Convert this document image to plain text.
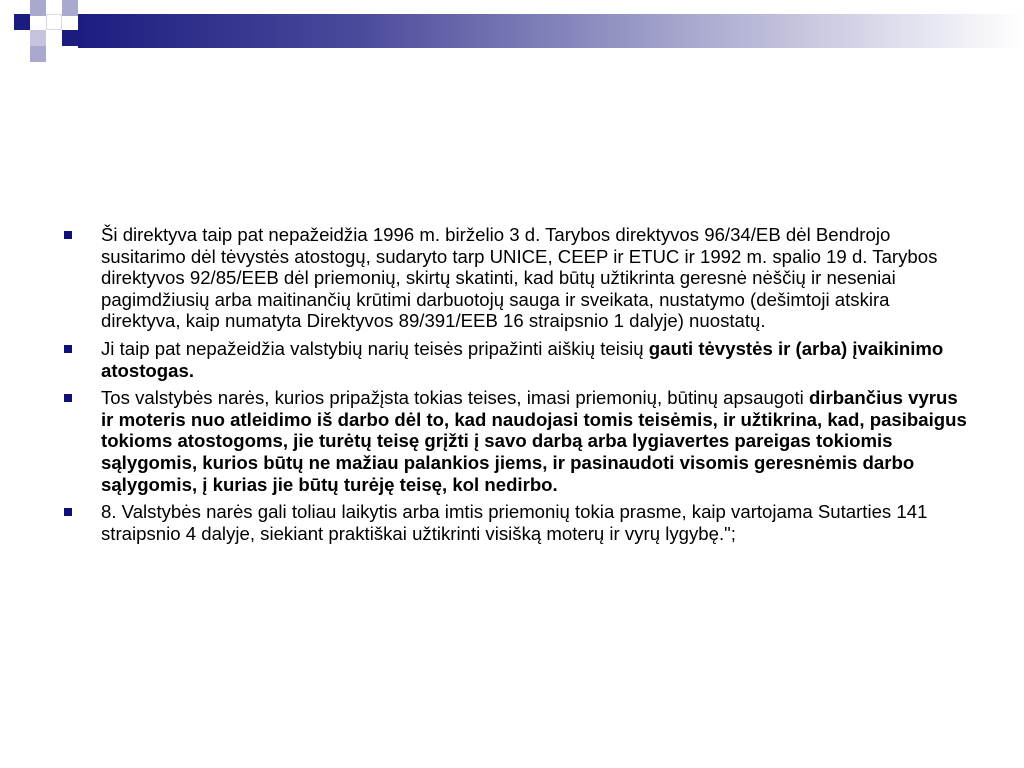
Ši direktyva taip pat nepažeidžia 1996 m. birželio 3 d. Tarybos direktyvos 96/34/EB dėl Bendrojo susitarimo dėl tėvystės atostogų, sudaryto tarp UNICE, CEEP ir ETUC ir 1992 m. spalio 19 d. Tarybos direktyvos 92/85/EEB dėl priemonių, skirtų skatinti, kad būtų užtikrinta geresnė nėščių ir neseniai pagimdžiusių arba maitinančių krūtimi darbuotojų sauga ir sveikata, nustatymo (dešimtoji atskira direktyva, kaip numatyta Direktyvos 89/391/EEB 16 straipsnio 1 dalyje) nuostatų.
Ji taip pat nepažeidžia valstybių narių teisės pripažinti aiškių teisių gauti tėvystės ir (arba) įvaikinimo atostogas.
Tos valstybės narės, kurios pripažįsta tokias teises, imasi priemonių, būtinų apsaugoti dirbančius vyrus ir moteris nuo atleidimo iš darbo dėl to, kad naudojasi tomis teisėmis, ir užtikrina, kad, pasibaigus tokioms atostogoms, jie turėtų teisę grįžti į savo darbą arba lygiavertes pareigas tokiomis sąlygomis, kurios būtų ne mažiau palankios jiems, ir pasinaudoti visomis geresnėmis darbo sąlygomis, į kurias jie būtų turėję teisę, kol nedirbo.
8. Valstybės narės gali toliau laikytis arba imtis priemonių tokia prasme, kaip vartojama Sutarties 141 straipsnio 4 dalyje, siekiant praktiškai užtikrinti visišką moterų ir vyrų lygybę.";
